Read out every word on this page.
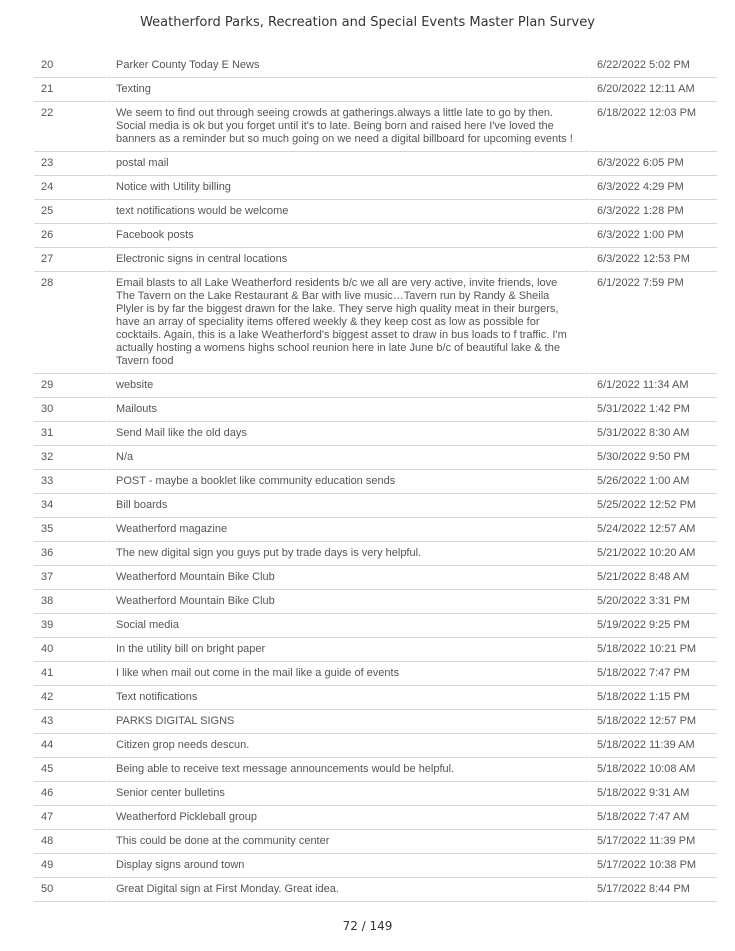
Weatherford Parks, Recreation and Special Events Master Plan Survey
20		Parker County Today E News		6/22/2022 5:02 PM
21		Texting		6/20/2022 12:11 AM
22		We seem to find out through seeing crowds at gatherings.always a little late to go by then. Social media is ok but you forget until it's to late. Being born and raised here I've loved the banners as a reminder but so much going on we need a digital billboard for upcoming events !		6/18/2022 12:03 PM
23		postal mail		6/3/2022 6:05 PM
24		Notice with Utility billing		6/3/2022 4:29 PM
25		text notifications would be welcome		6/3/2022 1:28 PM
26		Facebook posts		6/3/2022 1:00 PM
27		Electronic signs in central locations		6/3/2022 12:53 PM
28		Email blasts to all Lake Weatherford residents b/c we all are very active, invite friends, love The Tavern on the Lake Restaurant & Bar with live music…Tavern run by Randy & Sheila Plyler is by far the biggest drawn for the lake. They serve high quality meat in their burgers, have an array of speciality items offered weekly & they keep cost as low as possible for cocktails. Again, this is a lake Weatherford's biggest asset to draw in bus loads to f traffic. I'm actually hosting a womens highs school reunion here in late June b/c of beautiful lake & the Tavern food		6/1/2022 7:59 PM
29		website		6/1/2022 11:34 AM
30		Mailouts		5/31/2022 1:42 PM
31		Send Mail like the old days		5/31/2022 8:30 AM
32		N/a		5/30/2022 9:50 PM
33		POST - maybe a booklet like community education sends		5/26/2022 1:00 AM
34		Bill boards		5/25/2022 12:52 PM
35		Weatherford magazine		5/24/2022 12:57 AM
36		The new digital sign you guys put by trade days is very helpful.		5/21/2022 10:20 AM
37		Weatherford Mountain Bike Club		5/21/2022 8:48 AM
38		Weatherford Mountain Bike Club		5/20/2022 3:31 PM
39		Social media		5/19/2022 9:25 PM
40		In the utility bill on bright paper		5/18/2022 10:21 PM
41		I like when mail out come in the mail like a guide of events		5/18/2022 7:47 PM
42		Text notifications		5/18/2022 1:15 PM
43		PARKS DIGITAL SIGNS		5/18/2022 12:57 PM
44		Citizen grop needs descun.		5/18/2022 11:39 AM
45		Being able to receive text message announcements would be helpful.		5/18/2022 10:08 AM
46		Senior center bulletins		5/18/2022 9:31 AM
47		Weatherford Pickleball group		5/18/2022 7:47 AM
48		This could be done at the community center		5/17/2022 11:39 PM
49		Display signs around town		5/17/2022 10:38 PM
50		Great Digital sign at First Monday. Great idea.		5/17/2022 8:44 PM
72 / 149
